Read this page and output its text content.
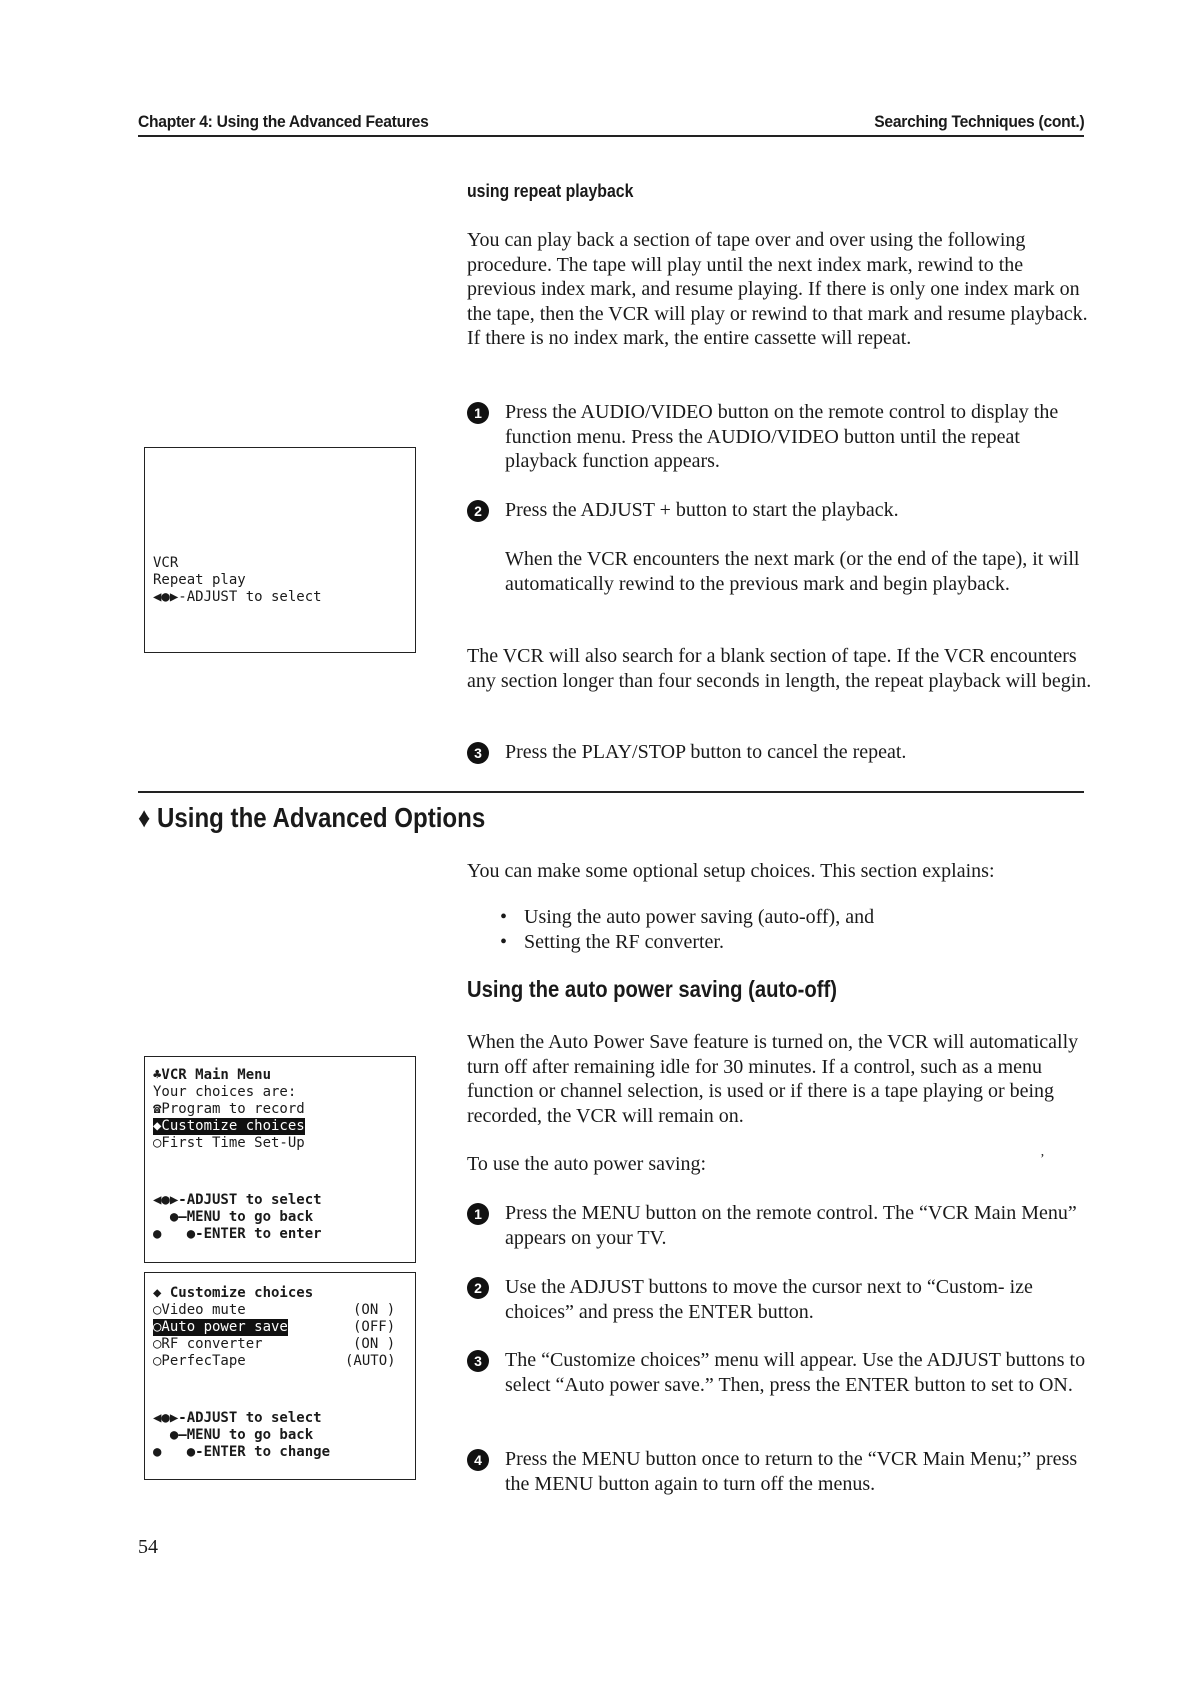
Chapter 4: Using the Advanced Features	Searching Techniques (cont.)
using repeat playback
You can play back a section of tape over and over using the following procedure. The tape will play until the next index mark, rewind to the previous index mark, and resume playing. If there is only one index mark on the tape, then the VCR will play or rewind to that mark and resume playback. If there is no index mark, the entire cassette will repeat.
1	Press the AUDIO/VIDEO button on the remote control to display the function menu. Press the AUDIO/VIDEO button until the repeat playback function appears.
2	Press the ADJUST + button to start the playback.
When the VCR encounters the next mark (or the end of the tape), it will automatically rewind to the previous mark and begin playback.
The VCR will also search for a blank section of tape. If the VCR encounters any section longer than four seconds in length, the repeat playback will begin.
3	Press the PLAY/STOP button to cancel the repeat.
VCR
Repeat play
◀●▶-ADJUST to select
♦ Using the Advanced Options
You can make some optional setup choices. This section explains:
• Using the auto power saving (auto-off), and
• Setting the RF converter.
Using the auto power saving (auto-off)
When the Auto Power Save feature is turned on, the VCR will automatically turn off after remaining idle for 30 minutes. If a control, such as a menu function or channel selection, is used or if there is a tape playing or being recorded, the VCR will remain on.
To use the auto power saving:	ʼ
1	Press the MENU button on the remote control. The “VCR Main Menu” appears on your TV.
2	Use the ADJUST buttons to move the cursor next to “Custom- ize choices” and press the ENTER button.
3	The “Customize choices” menu will appear. Use the ADJUST buttons to select “Auto power save.” Then, press the ENTER button to set to ON.
4	Press the MENU button once to return to the “VCR Main Menu;” press the MENU button again to turn off the menus.
♣VCR Main Menu
Your choices are:
☎Program to record
◆Customize choices
○First Time Set-Up
◀●▶-ADJUST to select
●—MENU to go back
●   ●-ENTER to enter
◆ Customize choices
○Video mute	(ON )
○Auto power save	(OFF)
○RF converter	(ON )
○PerfecTape	(AUTO)
◀●▶-ADJUST to select
●—MENU to go back
●   ●-ENTER to change
54
